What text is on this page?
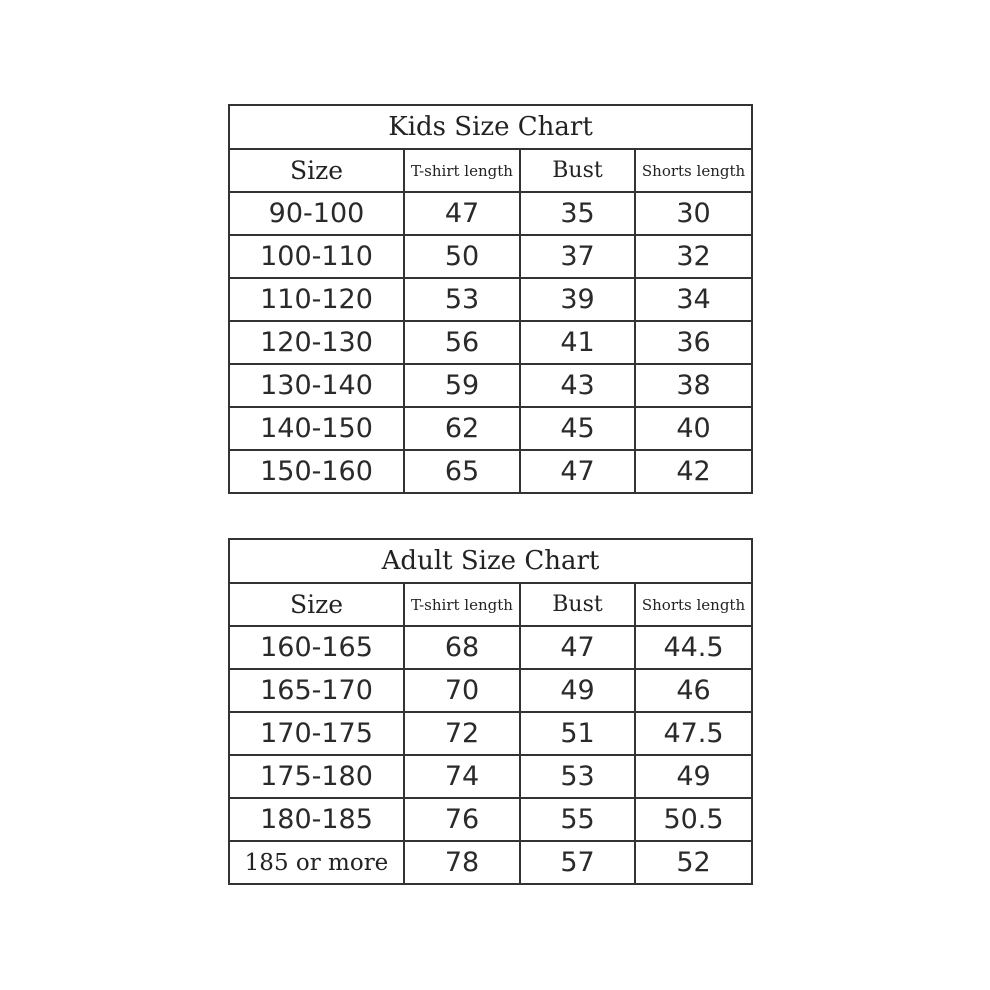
Kids Size Chart			
Size	T-shirt length	Bust	Shorts length
90-100	47	35	30
100-110	50	37	32
110-120	53	39	34
120-130	56	41	36
130-140	59	43	38
140-150	62	45	40
150-160	65	47	42
Adult Size Chart			
Size	T-shirt length	Bust	Shorts length
160-165	68	47	44.5
165-170	70	49	46
170-175	72	51	47.5
175-180	74	53	49
180-185	76	55	50.5
185 or more	78	57	52
